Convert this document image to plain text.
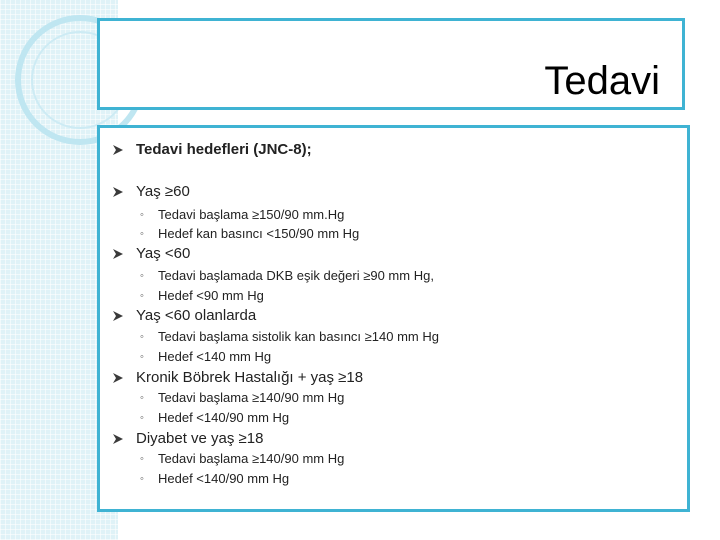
Tedavi
Tedavi hedefleri (JNC-8);
Yaş ≥60
◦ Tedavi başlama ≥150/90 mm.Hg
◦ Hedef kan basıncı <150/90 mm Hg
Yaş <60
◦ Tedavi başlamada DKB eşik değeri ≥90 mm Hg,
◦ Hedef <90 mm Hg
Yaş <60 olanlarda
◦ Tedavi başlama sistolik kan basıncı ≥140 mm Hg
◦ Hedef <140 mm Hg
Kronik Böbrek Hastalığı + yaş ≥18
◦ Tedavi başlama ≥140/90 mm Hg
◦ Hedef <140/90 mm Hg
Diyabet ve yaş ≥18
◦ Tedavi başlama ≥140/90 mm Hg
◦ Hedef <140/90 mm Hg
